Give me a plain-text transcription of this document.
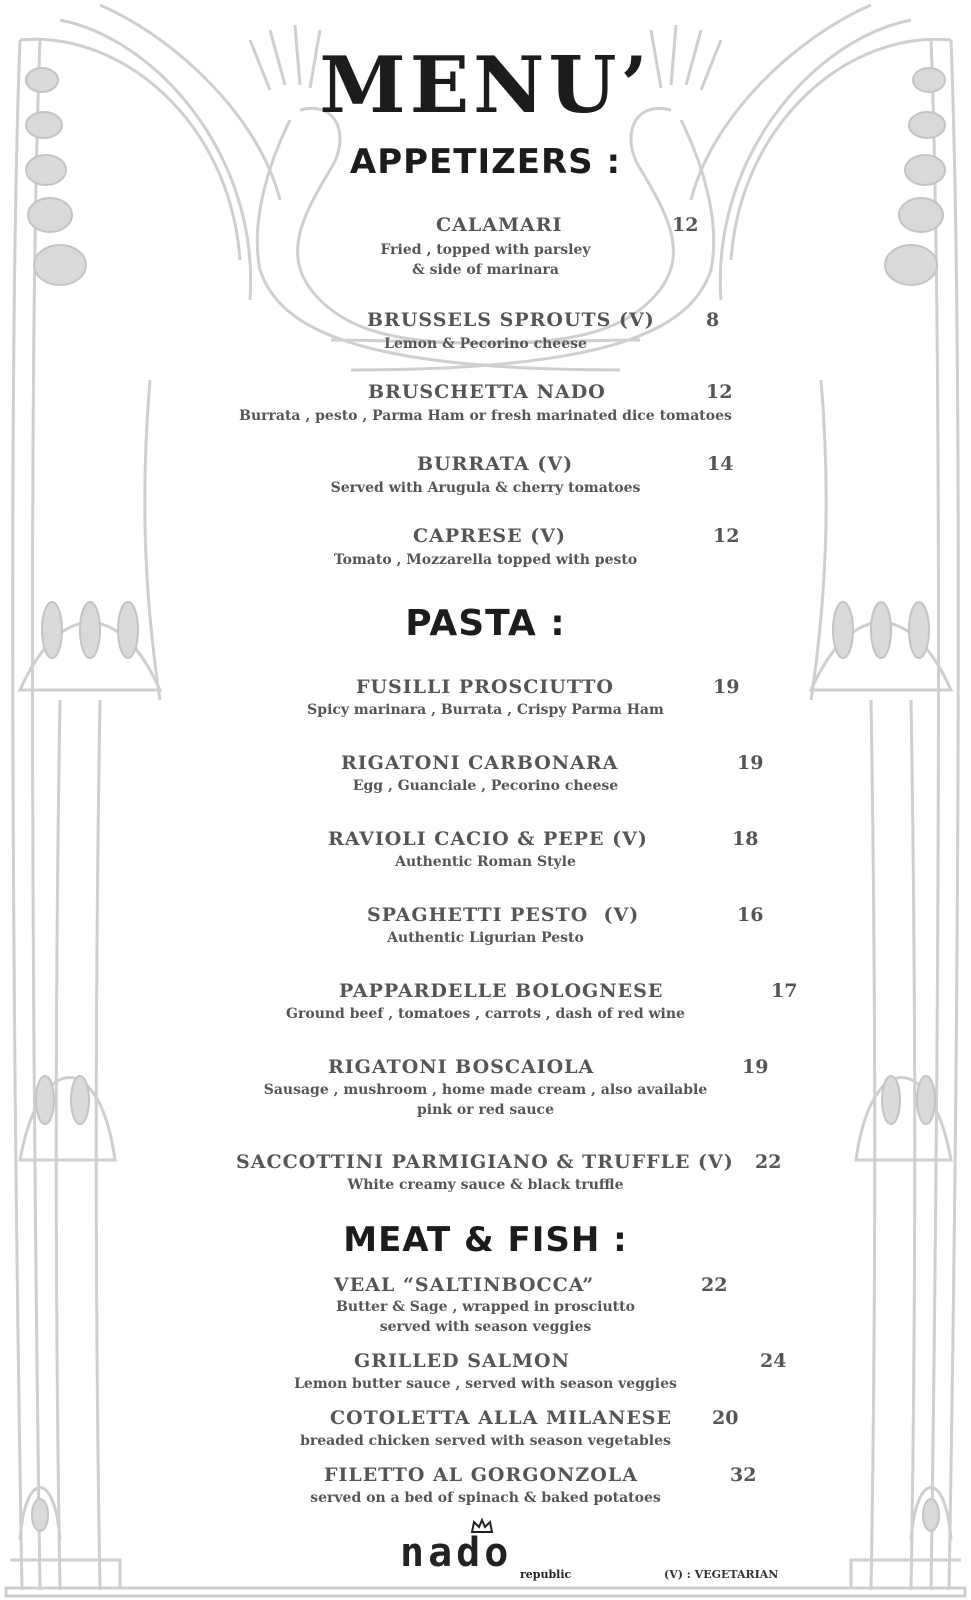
MENU’
APPETIZERS :
CALAMARI	12
Fried , topped with parsley
& side of marinara
BRUSSELS SPROUTS (V)	8
Lemon & Pecorino cheese
BRUSCHETTA NADO	12
Burrata , pesto , Parma Ham or fresh marinated dice tomatoes
BURRATA (V)	14
Served with Arugula & cherry tomatoes
CAPRESE (V)	12
Tomato , Mozzarella topped with pesto
PASTA :
FUSILLI PROSCIUTTO	19
Spicy marinara , Burrata , Crispy Parma Ham
RIGATONI CARBONARA	19
Egg , Guanciale , Pecorino cheese
RAVIOLI CACIO & PEPE (V)	18
Authentic Roman Style
SPAGHETTI PESTO  (V)	16
Authentic Ligurian Pesto
PAPPARDELLE BOLOGNESE	17
Ground beef , tomatoes , carrots , dash of red wine
RIGATONI BOSCAIOLA	19
Sausage , mushroom , home made cream , also available
pink or red sauce
SACCOTTINI PARMIGIANO & TRUFFLE (V) 22
White creamy sauce & black truffle
MEAT & FISH :
VEAL “SALTINBOCCA”	22
Butter & Sage , wrapped in prosciutto
served with season veggies
GRILLED SALMON	24
Lemon butter sauce , served with season veggies
COTOLETTA ALLA MILANESE 20
breaded chicken served with season vegetables
FILETTO AL GORGONZOLA	32
served on a bed of spinach & baked potatoes
nado republic	(V) : VEGETARIAN
